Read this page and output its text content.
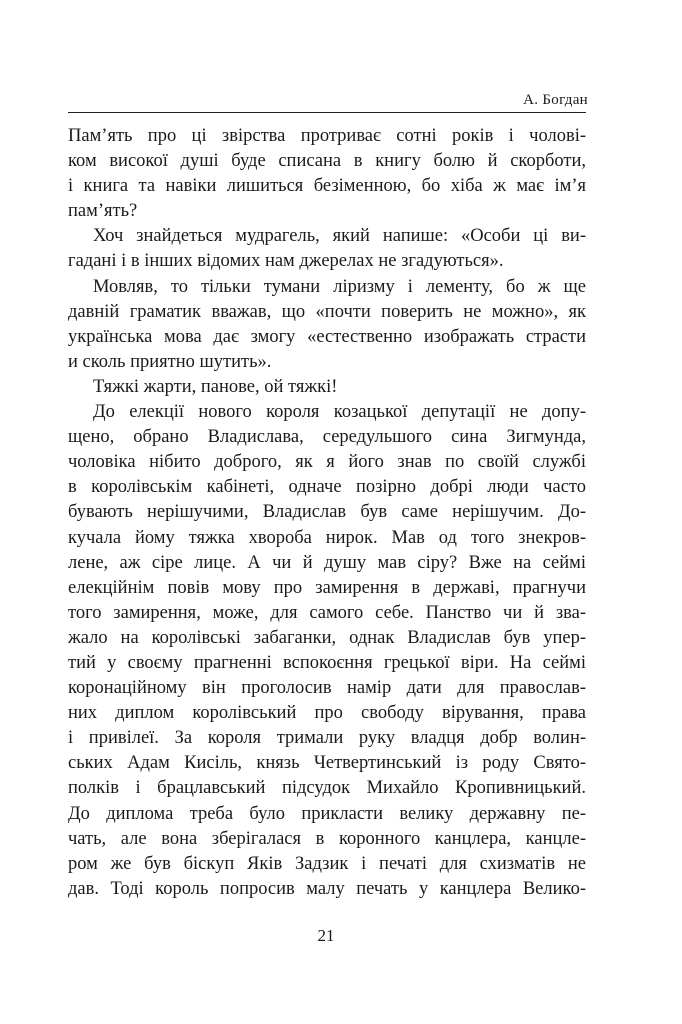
А. Богдан
Пам’ять про ці звірства протриває сотні років і чолові-
ком високої душі буде списана в книгу болю й скорботи,
і книга та навіки лишиться безіменною, бо хіба ж має ім’я
пам’ять?
Хоч знайдеться мудрагель, який напише: «Особи ці ви-
гадані і в інших відомих нам джерелах не згадуються».
Мовляв, то тільки тумани ліризму і лементу, бо ж ще
давній граматик вважав, що «почти поверить не можно», як
українська мова дає змогу «естественно изображать страсти
и сколь приятно шутить».
Тяжкі жарти, панове, ой тяжкі!
До елекції нового короля козацької депутації не допу-
щено, обрано Владислава, середульшого сина Зигмунда,
чоловіка нібито доброго, як я його знав по своїй службі
в королівськім кабінеті, одначе позірно добрі люди часто
бувають нерішучими, Владислав був саме нерішучим. До-
кучала йому тяжка хвороба нирок. Мав од того знекров-
лене, аж сіре лице. А чи й душу мав сіру? Вже на сеймі
елекційнім повів мову про замирення в державі, прагнучи
того замирення, може, для самого себе. Панство чи й зва-
жало на королівські забаганки, однак Владислав був упер-
тий у своєму прагненні вспокоєння грецької віри. На сеймі
коронаційному він проголосив намір дати для православ-
них диплом королівський про свободу вірування, права
і привілеї. За короля тримали руку владця добр волин-
ських Адам Кисіль, князь Четвертинський із роду Свято-
полків і брацлавський підсудок Михайло Кропивницький.
До диплома треба було прикласти велику державну пе-
чать, але вона зберігалася в коронного канцлера, канцле-
ром же був біскуп Яків Задзик і печаті для схизматів не
дав. Тоді король попросив малу печать у канцлера Велико-
21
